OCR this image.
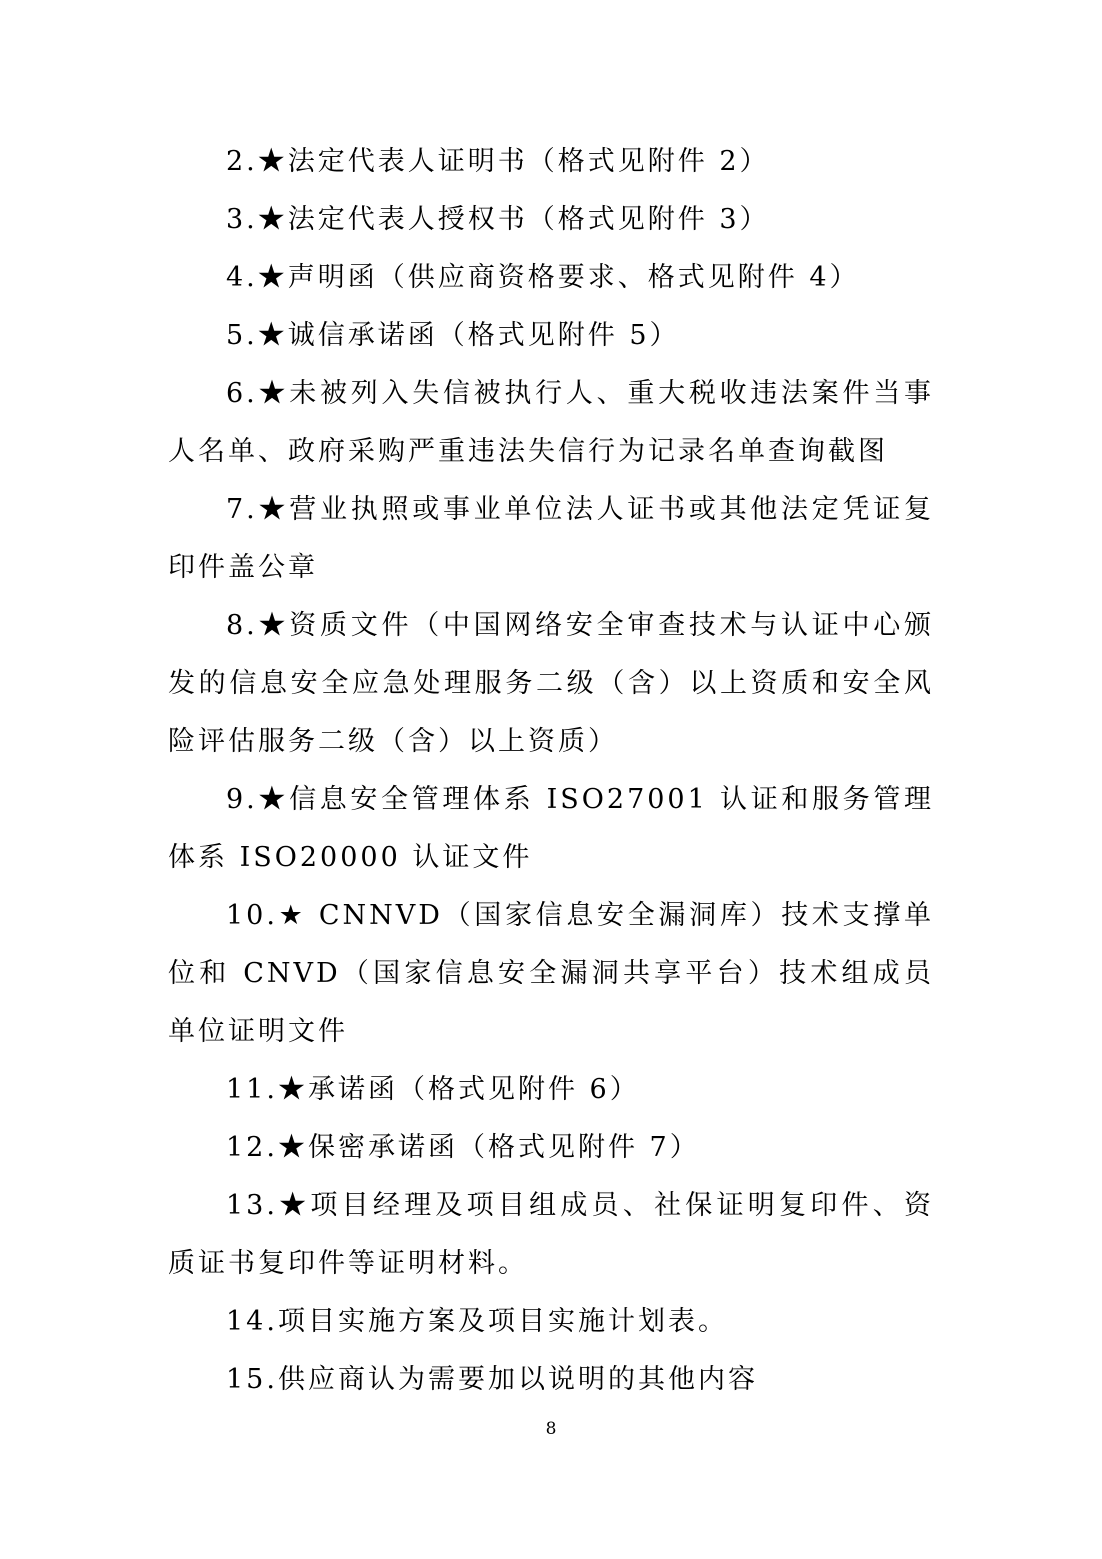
2.★法定代表人证明书（格式见附件 2）

3.★法定代表人授权书（格式见附件 3）

4.★声明函（供应商资格要求、格式见附件 4）

5.★诚信承诺函（格式见附件 5）

6.★未被列入失信被执行人、重大税收违法案件当事人名单、政府采购严重违法失信行为记录名单查询截图

7.★营业执照或事业单位法人证书或其他法定凭证复印件盖公章

8.★资质文件（中国网络安全审查技术与认证中心颁发的信息安全应急处理服务二级（含）以上资质和安全风险评估服务二级（含）以上资质）

9.★信息安全管理体系 ISO27001 认证和服务管理体系 ISO20000 认证文件

10.★ CNNVD（国家信息安全漏洞库）技术支撑单位和 CNVD（国家信息安全漏洞共享平台）技术组成员单位证明文件

11.★承诺函（格式见附件 6）

12.★保密承诺函（格式见附件 7）

13.★项目经理及项目组成员、社保证明复印件、资质证书复印件等证明材料。

14.项目实施方案及项目实施计划表。

15.供应商认为需要加以说明的其他内容

8
